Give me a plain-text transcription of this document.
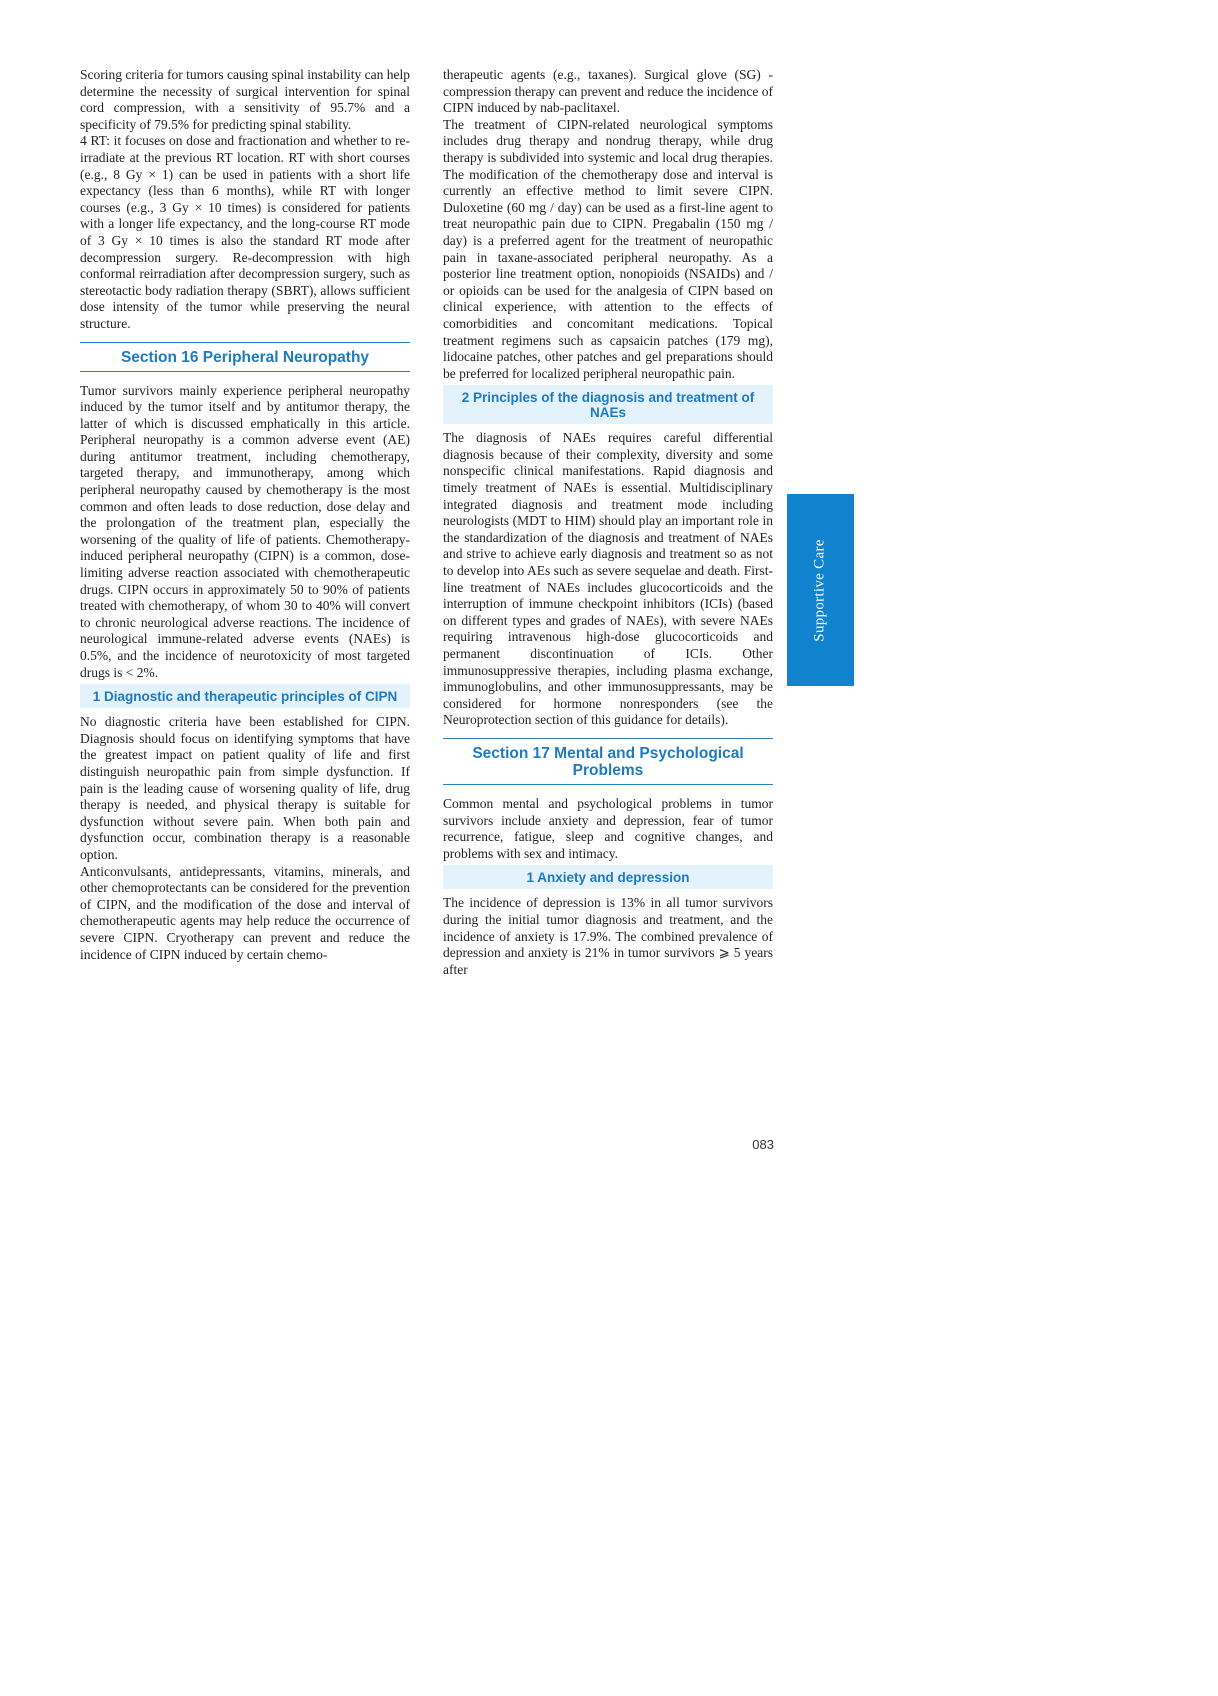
Scoring criteria for tumors causing spinal instability can help determine the necessity of surgical intervention for spinal cord compression, with a sensitivity of 95.7% and a specificity of 79.5% for predicting spinal stability.

4 RT: it focuses on dose and fractionation and whether to re-irradiate at the previous RT location. RT with short courses (e.g., 8 Gy × 1) can be used in patients with a short life expectancy (less than 6 months), while RT with longer courses (e.g., 3 Gy × 10 times) is considered for patients with a longer life expectancy, and the long-course RT mode of 3 Gy × 10 times is also the standard RT mode after decompression surgery. Re-decompression with high conformal reirradiation after decompression surgery, such as stereotactic body radiation therapy (SBRT), allows sufficient dose intensity of the tumor while preserving the neural structure.

Section 16 Peripheral Neuropathy

Tumor survivors mainly experience peripheral neuropathy induced by the tumor itself and by antitumor therapy, the latter of which is discussed emphatically in this article. Peripheral neuropathy is a common adverse event (AE) during antitumor treatment, including chemotherapy, targeted therapy, and immunotherapy, among which peripheral neuropathy caused by chemotherapy is the most common and often leads to dose reduction, dose delay and the prolongation of the treatment plan, especially the worsening of the quality of life of patients. Chemotherapy-induced peripheral neuropathy (CIPN) is a common, dose-limiting adverse reaction associated with chemotherapeutic drugs. CIPN occurs in approximately 50 to 90% of patients treated with chemotherapy, of whom 30 to 40% will convert to chronic neurological adverse reactions. The incidence of neurological immune-related adverse events (NAEs) is 0.5%, and the incidence of neurotoxicity of most targeted drugs is < 2%.

1 Diagnostic and therapeutic principles of CIPN

No diagnostic criteria have been established for CIPN. Diagnosis should focus on identifying symptoms that have the greatest impact on patient quality of life and first distinguish neuropathic pain from simple dysfunction. If pain is the leading cause of worsening quality of life, drug therapy is needed, and physical therapy is suitable for dysfunction without severe pain. When both pain and dysfunction occur, combination therapy is a reasonable option.

Anticonvulsants, antidepressants, vitamins, minerals, and other chemoprotectants can be considered for the prevention of CIPN, and the modification of the dose and interval of chemotherapeutic agents may help reduce the occurrence of severe CIPN. Cryotherapy can prevent and reduce the incidence of CIPN induced by certain chemo-

therapeutic agents (e.g., taxanes). Surgical glove (SG) - compression therapy can prevent and reduce the incidence of CIPN induced by nab-paclitaxel.

The treatment of CIPN-related neurological symptoms includes drug therapy and nondrug therapy, while drug therapy is subdivided into systemic and local drug therapies. The modification of the chemotherapy dose and interval is currently an effective method to limit severe CIPN. Duloxetine (60 mg / day) can be used as a first-line agent to treat neuropathic pain due to CIPN. Pregabalin (150 mg / day) is a preferred agent for the treatment of neuropathic pain in taxane-associated peripheral neuropathy. As a posterior line treatment option, nonopioids (NSAIDs) and / or opioids can be used for the analgesia of CIPN based on clinical experience, with attention to the effects of comorbidities and concomitant medications. Topical treatment regimens such as capsaicin patches (179 mg), lidocaine patches, other patches and gel preparations should be preferred for localized peripheral neuropathic pain.

2 Principles of the diagnosis and treatment of NAEs

The diagnosis of NAEs requires careful differential diagnosis because of their complexity, diversity and some nonspecific clinical manifestations. Rapid diagnosis and timely treatment of NAEs is essential. Multidisciplinary integrated diagnosis and treatment mode including neurologists (MDT to HIM) should play an important role in the standardization of the diagnosis and treatment of NAEs and strive to achieve early diagnosis and treatment so as not to develop into AEs such as severe sequelae and death. First-line treatment of NAEs includes glucocorticoids and the interruption of immune checkpoint inhibitors (ICIs) (based on different types and grades of NAEs), with severe NAEs requiring intravenous high-dose glucocorticoids and permanent discontinuation of ICIs. Other immunosuppressive therapies, including plasma exchange, immunoglobulins, and other immunosuppressants, may be considered for hormone nonresponders (see the Neuroprotection section of this guidance for details).

Section 17 Mental and Psychological Problems

Common mental and psychological problems in tumor survivors include anxiety and depression, fear of tumor recurrence, fatigue, sleep and cognitive changes, and problems with sex and intimacy.

1 Anxiety and depression

The incidence of depression is 13% in all tumor survivors during the initial tumor diagnosis and treatment, and the incidence of anxiety is 17.9%. The combined prevalence of depression and anxiety is 21% in tumor survivors ⩾ 5 years after

Supportive Care
083
